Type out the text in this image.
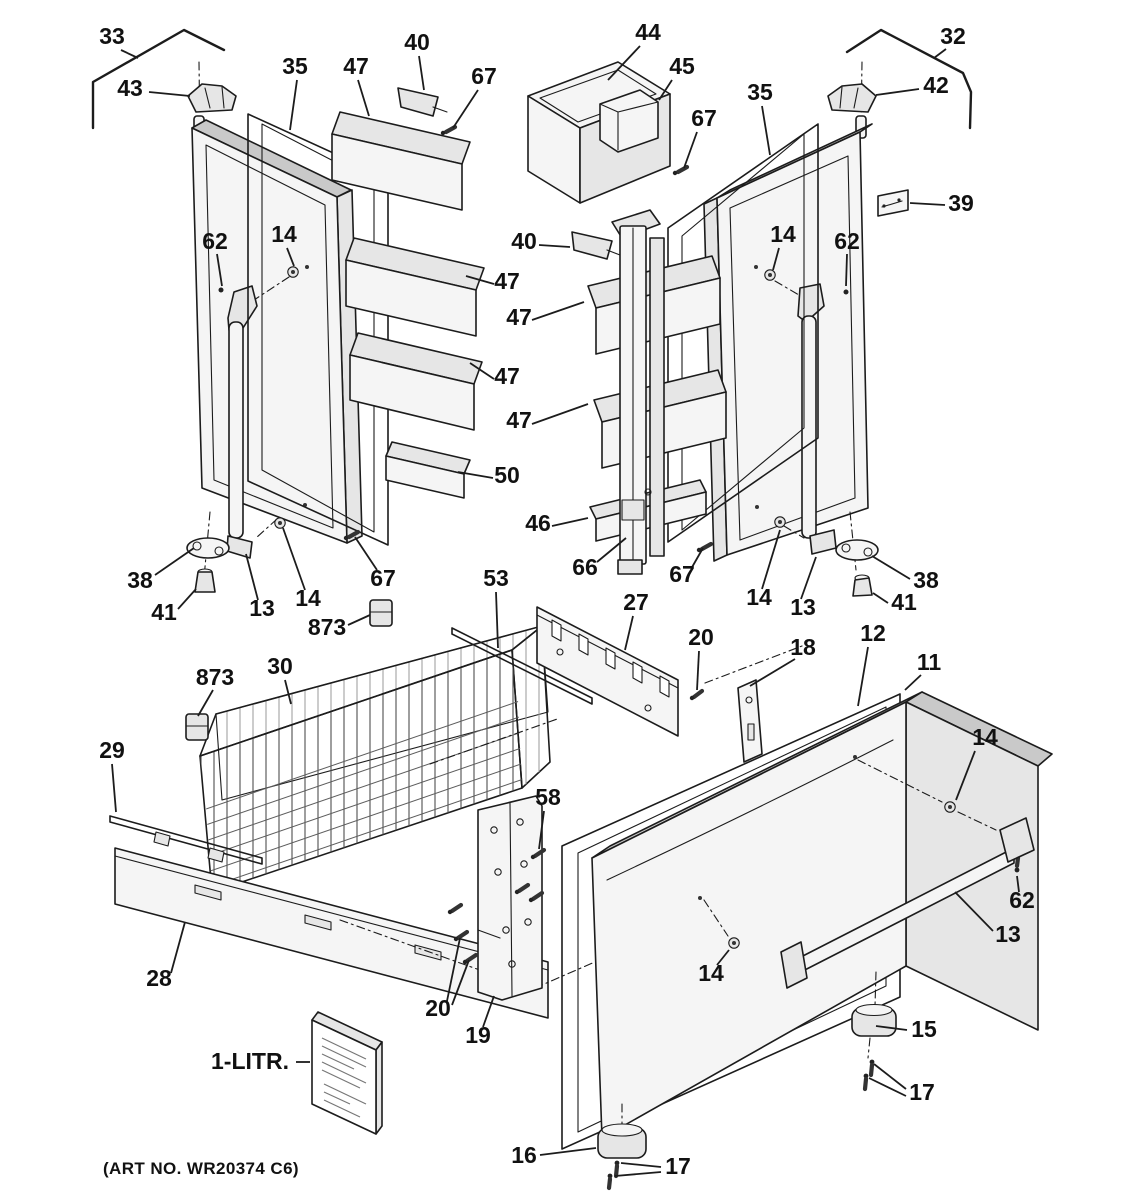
33
43
35 47
40
67
44
45
67
35	42
32
39
62 14	14 62
40
47
47
47
47
50
46
66	67
38
41	13 14
67
873
53
27
20	18
12
11
14 13
38
41
873 30
29
28
58
20
19
14
62
13
15
17
16	17
14
1-LITR.
(ART NO. WR20374 C6)
